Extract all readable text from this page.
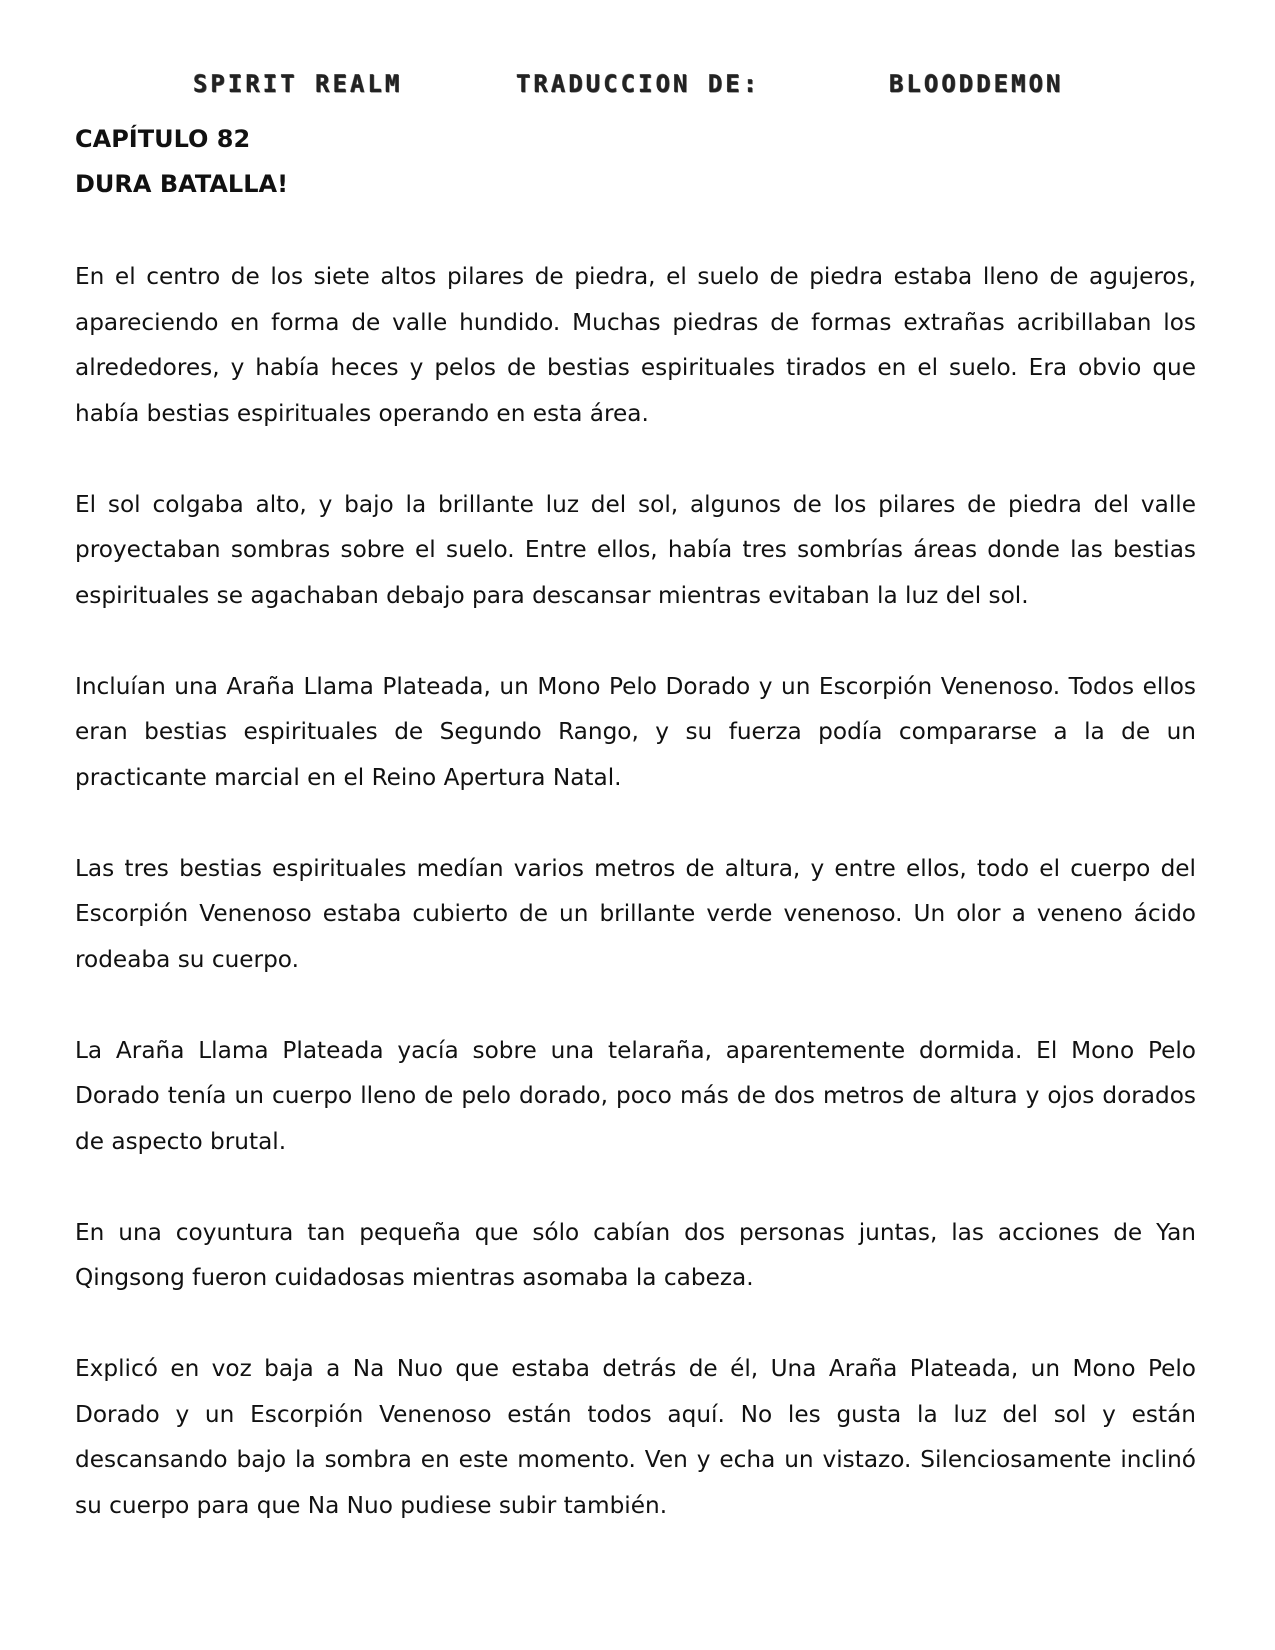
SPIRIT REALM	TRADUCCION DE:	BLOODDEMON
CAPÍTULO 82
DURA BATALLA!

En el centro de los siete altos pilares de piedra, el suelo de piedra estaba lleno de agujeros, apareciendo en forma de valle hundido. Muchas piedras de formas extrañas acribillaban los alrededores, y había heces y pelos de bestias espirituales tirados en el suelo. Era obvio que había bestias espirituales operando en esta área.

El sol colgaba alto, y bajo la brillante luz del sol, algunos de los pilares de piedra del valle proyectaban sombras sobre el suelo. Entre ellos, había tres sombrías áreas donde las bestias espirituales se agachaban debajo para descansar mientras evitaban la luz del sol.

Incluían una Araña Llama Plateada, un Mono Pelo Dorado y un Escorpión Venenoso. Todos ellos eran bestias espirituales de Segundo Rango, y su fuerza podía compararse a la de un practicante marcial en el Reino Apertura Natal.

Las tres bestias espirituales medían varios metros de altura, y entre ellos, todo el cuerpo del Escorpión Venenoso estaba cubierto de un brillante verde venenoso. Un olor a veneno ácido rodeaba su cuerpo.

La Araña Llama Plateada yacía sobre una telaraña, aparentemente dormida. El Mono Pelo Dorado tenía un cuerpo lleno de pelo dorado, poco más de dos metros de altura y ojos dorados de aspecto brutal.

En una coyuntura tan pequeña que sólo cabían dos personas juntas, las acciones de Yan Qingsong fueron cuidadosas mientras asomaba la cabeza.

Explicó en voz baja a Na Nuo que estaba detrás de él, Una Araña Plateada, un Mono Pelo Dorado y un Escorpión Venenoso están todos aquí. No les gusta la luz del sol y están descansando bajo la sombra en este momento. Ven y echa un vistazo. Silenciosamente inclinó su cuerpo para que Na Nuo pudiese subir también.
